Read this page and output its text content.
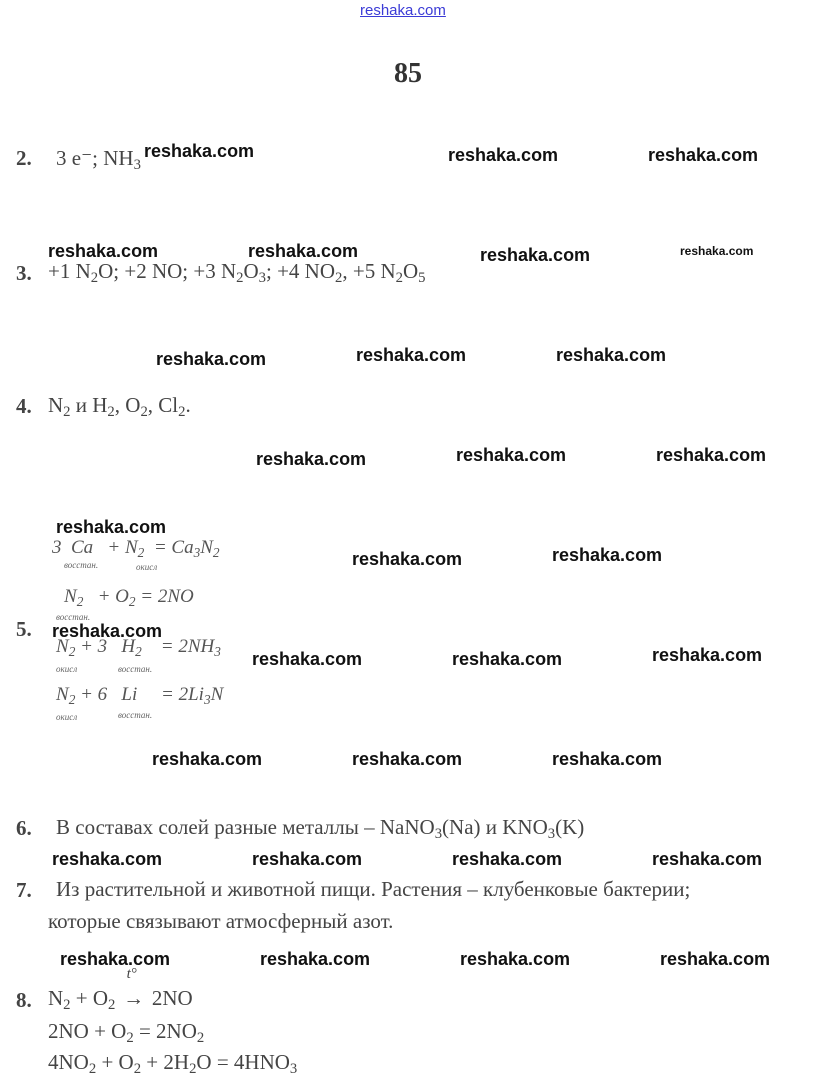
reshaka.com
85
2. 3 e⁻; $NH_3$
3. +1 $N_2O$; +2 NO; +3 $N_2O_3$; +4 $NO_2$, +5 $N_2O_5$
4. $N_2$ и $H_2$, $O_2$, $Cl_2$.
3  $Ca + N_2 = Ca_3N_2$
восстан.	окисл
$N_2 + O_2 = 2NO$
восстан.
5.
$N_2 + 3$   $H_2$    = $2NH_3$
окисл	восстан.
$N_2 + 6$   Li     = $2Li_3N$
окисл	восстан.
6. В составах солей разные металлы – NaNO$_3$(Na) и $KNO_3(K)$
7. Из растительной и животной пищи. Растения – клубенковые бактерии;
которые связывают атмосферный азот.
8. $N_2 + O_2$
t°
→ 2NO
$2NO + O_2 = 2NO_2$
$4NO_2 + O_2 + 2H_2O = 4HNO_3$
reshaka.com	reshaka.com	reshaka.com
reshaka.com	reshaka.com	reshaka.com	reshaka.com
reshaka.com	reshaka.com	reshaka.com
reshaka.com	reshaka.com	reshaka.com
reshaka.com
reshaka.com	reshaka.com
reshaka.com
reshaka.com	reshaka.com	reshaka.com
reshaka.com	reshaka.com	reshaka.com
reshaka.com	reshaka.com	reshaka.com	reshaka.com
reshaka.com	reshaka.com	reshaka.com	reshaka.com
